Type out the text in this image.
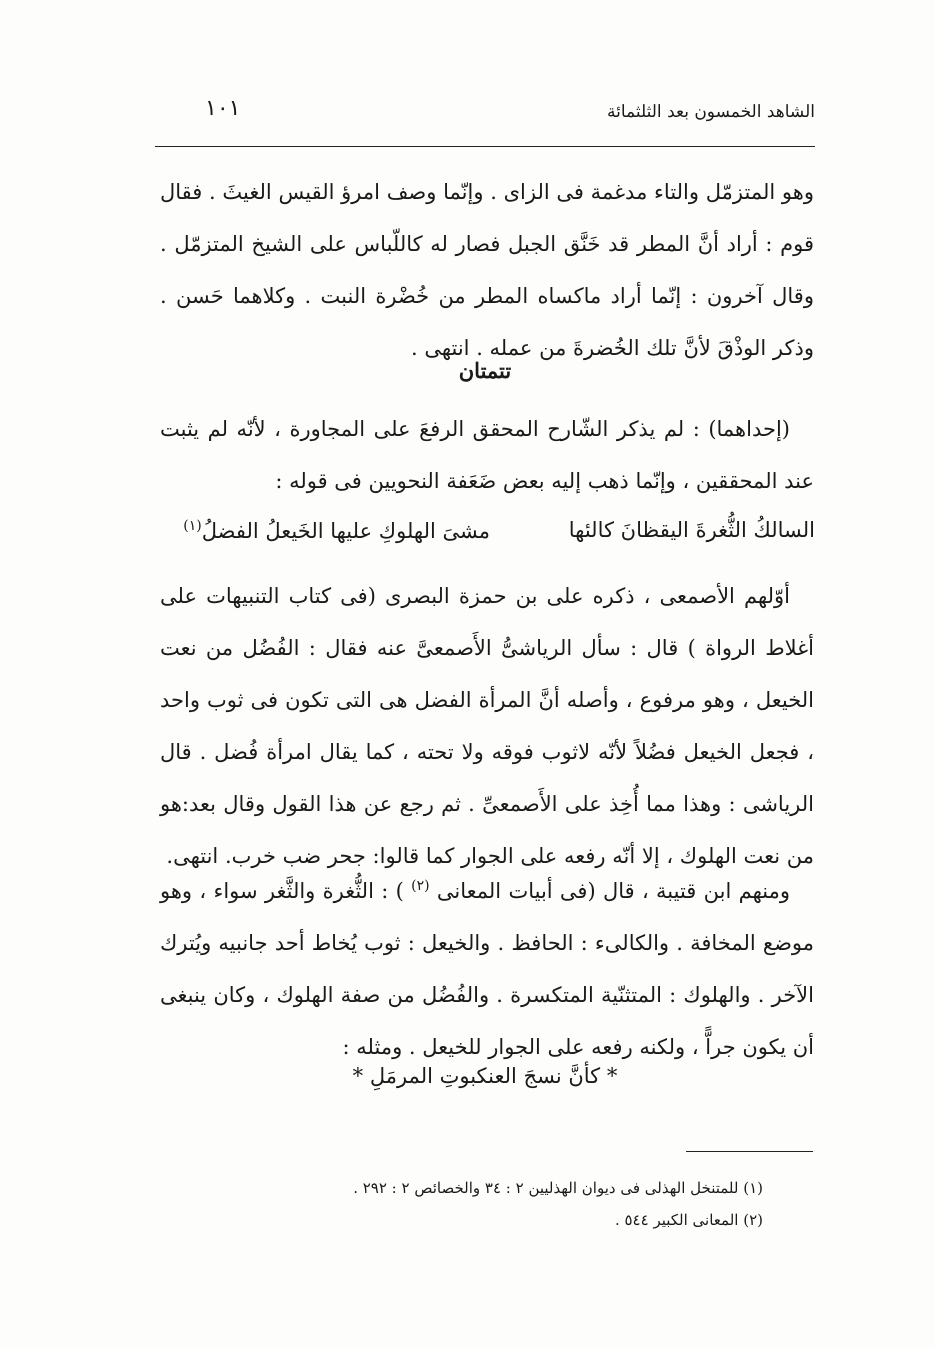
الشاهد الخمسون بعد الثلثمائة
١٠١
وهو المتزمّل والتاء مدغمة فى الزاى . وإنّما وصف امرؤ القيس الغيثَ . فقال قوم : أراد أنَّ المطر قد خَنَّق الجبل فصار له كاللّباس على الشيخ المتزمّل . وقال آخرون : إنّما أراد ماكساه المطر من خُضْرة النبت . وكلاهما حَسن . وذكر الوذْقَ لأنَّ تلك الخُضرةَ من عمله . انتهى .
تتمتان
(إحداهما) : لم يذكر الشّارح المحقق الرفعَ على المجاورة ، لأنّه لم يثبت عند المحققين ، وإنّما ذهب إليه بعض ضَعَفة النحويين فى قوله :
السالكُ الثُّغرةَ اليقظانَ كالئها
مشىَ الهلوكِ عليها الخَيعلُ الفضلُ$^{(١)}$
أوّلهم الأصمعى ، ذكره على بن حمزة البصرى (فى كتاب التنبيهات على أغلاط الرواة ) قال : سأل الرياشىُّ الأَصمعىَّ عنه فقال : الفُضُل من نعت الخيعل ، وهو مرفوع ، وأصله أنَّ المرأة الفضل هى التى تكون فى ثوب واحد ، فجعل الخيعل فضُلاً لأنّه لاثوب فوقه ولا تحته ، كما يقال امرأة فُضل . قال الرياشى : وهذا مما أُخِذ على الأَصمعىِّ . ثم رجع عن هذا القول وقال بعد:هو من نعت الهلوك ، إلا أنّه رفعه على الجوار كما قالوا: جحر ضب خرب. انتهى.
ومنهم ابن قتيبة ، قال (فى أبيات المعانى $^{(٢)}$ ) : الثُّغرة والثَّغر سواء ، وهو موضع المخافة . والكالىء : الحافظ . والخيعل : ثوب يُخاط أحد جانبيه ويُترك الآخر . والهلوك : المتثنّية المتكسرة . والفُضُل من صفة الهلوك ، وكان ينبغى أن يكون جراًّ ، ولكنه رفعه على الجوار للخيعل . ومثله :
* كأنَّ نسجَ العنكبوتِ المرمَلِ *
(١) للمتنخل الهذلى فى ديوان الهذليين ٢ : ٣٤ والخصائص ٢ : ٢٩٢ .
(٢) المعانى الكبير ٥٤٤ .
